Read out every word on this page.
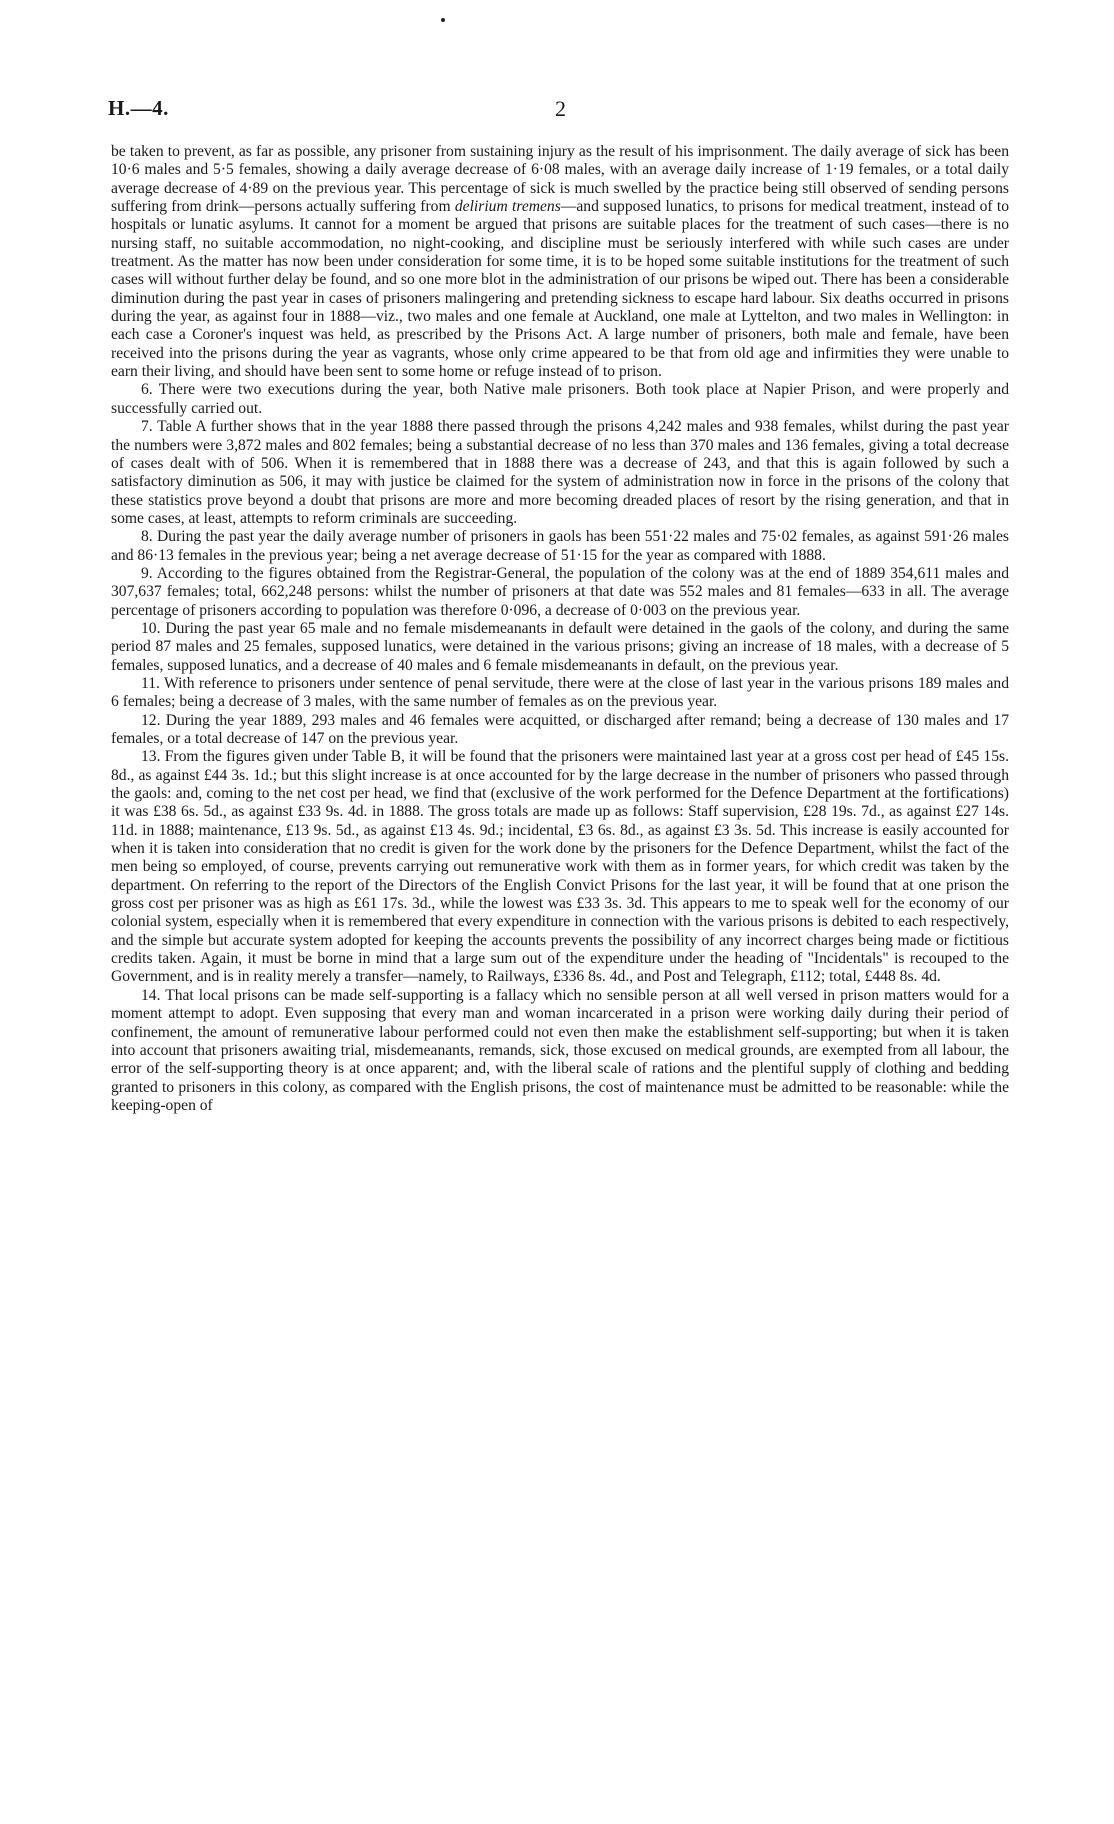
H.—4.	2

be taken to prevent, as far as possible, any prisoner from sustaining injury as the result of his imprisonment. The daily average of sick has been 10·6 males and 5·5 females, showing a daily average decrease of 6·08 males, with an average daily increase of 1·19 females, or a total daily average decrease of 4·89 on the previous year. This percentage of sick is much swelled by the practice being still observed of sending persons suffering from drink—persons actually suffering from delirium tremens—and supposed lunatics, to prisons for medical treatment, instead of to hospitals or lunatic asylums. It cannot for a moment be argued that prisons are suitable places for the treatment of such cases—there is no nursing staff, no suitable accommodation, no night-cooking, and discipline must be seriously interfered with while such cases are under treatment. As the matter has now been under consideration for some time, it is to be hoped some suitable institutions for the treatment of such cases will without further delay be found, and so one more blot in the administration of our prisons be wiped out. There has been a considerable diminution during the past year in cases of prisoners malingering and pretending sickness to escape hard labour. Six deaths occurred in prisons during the year, as against four in 1888—viz., two males and one female at Auckland, one male at Lyttelton, and two males in Wellington: in each case a Coroner's inquest was held, as prescribed by the Prisons Act. A large number of prisoners, both male and female, have been received into the prisons during the year as vagrants, whose only crime appeared to be that from old age and infirmities they were unable to earn their living, and should have been sent to some home or refuge instead of to prison.

6. There were two executions during the year, both Native male prisoners. Both took place at Napier Prison, and were properly and successfully carried out.

7. Table A further shows that in the year 1888 there passed through the prisons 4,242 males and 938 females, whilst during the past year the numbers were 3,872 males and 802 females; being a substantial decrease of no less than 370 males and 136 females, giving a total decrease of cases dealt with of 506. When it is remembered that in 1888 there was a decrease of 243, and that this is again followed by such a satisfactory diminution as 506, it may with justice be claimed for the system of administration now in force in the prisons of the colony that these statistics prove beyond a doubt that prisons are more and more becoming dreaded places of resort by the rising generation, and that in some cases, at least, attempts to reform criminals are succeeding.

8. During the past year the daily average number of prisoners in gaols has been 551·22 males and 75·02 females, as against 591·26 males and 86·13 females in the previous year; being a net average decrease of 51·15 for the year as compared with 1888.

9. According to the figures obtained from the Registrar-General, the population of the colony was at the end of 1889 354,611 males and 307,637 females; total, 662,248 persons: whilst the number of prisoners at that date was 552 males and 81 females—633 in all. The average percentage of prisoners according to population was therefore 0·096, a decrease of 0·003 on the previous year.

10. During the past year 65 male and no female misdemeanants in default were detained in the gaols of the colony, and during the same period 87 males and 25 females, supposed lunatics, were detained in the various prisons; giving an increase of 18 males, with a decrease of 5 females, supposed lunatics, and a decrease of 40 males and 6 female misdemeanants in default, on the previous year.

11. With reference to prisoners under sentence of penal servitude, there were at the close of last year in the various prisons 189 males and 6 females; being a decrease of 3 males, with the same number of females as on the previous year.

12. During the year 1889, 293 males and 46 females were acquitted, or discharged after remand; being a decrease of 130 males and 17 females, or a total decrease of 147 on the previous year.

13. From the figures given under Table B, it will be found that the prisoners were maintained last year at a gross cost per head of £45 15s. 8d., as against £44 3s. 1d.; but this slight increase is at once accounted for by the large decrease in the number of prisoners who passed through the gaols: and, coming to the net cost per head, we find that (exclusive of the work performed for the Defence Department at the fortifications) it was £38 6s. 5d., as against £33 9s. 4d. in 1888. The gross totals are made up as follows: Staff supervision, £28 19s. 7d., as against £27 14s. 11d. in 1888; maintenance, £13 9s. 5d., as against £13 4s. 9d.; incidental, £3 6s. 8d., as against £3 3s. 5d. This increase is easily accounted for when it is taken into consideration that no credit is given for the work done by the prisoners for the Defence Department, whilst the fact of the men being so employed, of course, prevents carrying out remunerative work with them as in former years, for which credit was taken by the department. On referring to the report of the Directors of the English Convict Prisons for the last year, it will be found that at one prison the gross cost per prisoner was as high as £61 17s. 3d., while the lowest was £33 3s. 3d. This appears to me to speak well for the economy of our colonial system, especially when it is remembered that every expenditure in connection with the various prisons is debited to each respectively, and the simple but accurate system adopted for keeping the accounts prevents the possibility of any incorrect charges being made or fictitious credits taken. Again, it must be borne in mind that a large sum out of the expenditure under the heading of "Incidentals" is recouped to the Government, and is in reality merely a transfer—namely, to Railways, £336 8s. 4d., and Post and Telegraph, £112; total, £448 8s. 4d.

14. That local prisons can be made self-supporting is a fallacy which no sensible person at all well versed in prison matters would for a moment attempt to adopt. Even supposing that every man and woman incarcerated in a prison were working daily during their period of confinement, the amount of remunerative labour performed could not even then make the establishment self-supporting; but when it is taken into account that prisoners awaiting trial, misdemeanants, remands, sick, those excused on medical grounds, are exempted from all labour, the error of the self-supporting theory is at once apparent; and, with the liberal scale of rations and the plentiful supply of clothing and bedding granted to prisoners in this colony, as compared with the English prisons, the cost of maintenance must be admitted to be reasonable: while the keeping-open of
